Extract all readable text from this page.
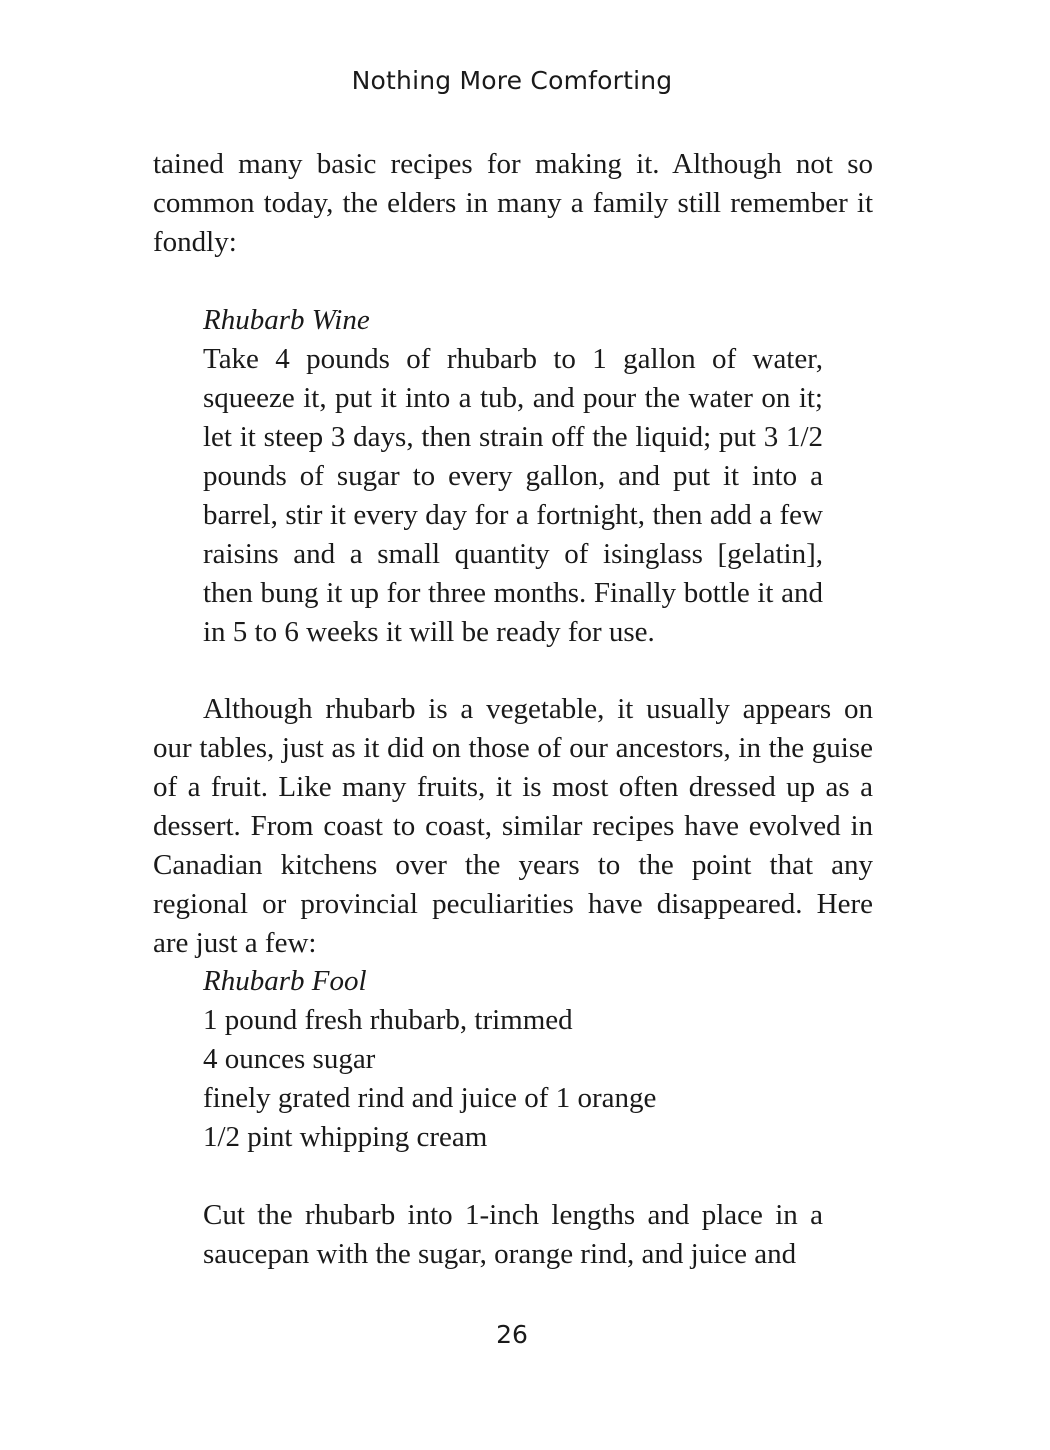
Nothing More Comforting

tained many basic recipes for making it. Although not so common today, the elders in many a family still remember it fondly:

Rhubarb Wine

Take 4 pounds of rhubarb to 1 gallon of water, squeeze it, put it into a tub, and pour the water on it; let it steep 3 days, then strain off the liquid; put 3 1/2 pounds of sugar to every gallon, and put it into a barrel, stir it every day for a fortnight, then add a few raisins and a small quantity of isinglass [gelatin], then bung it up for three months. Finally bottle it and in 5 to 6 weeks it will be ready for use.

Although rhubarb is a vegetable, it usually appears on our tables, just as it did on those of our ancestors, in the guise of a fruit. Like many fruits, it is most often dressed up as a dessert. From coast to coast, similar recipes have evolved in Canadian kitchens over the years to the point that any regional or provincial peculiarities have disappeared. Here are just a few:

Rhubarb Fool

1 pound fresh rhubarb, trimmed
4 ounces sugar
finely grated rind and juice of 1 orange
1/2 pint whipping cream

Cut the rhubarb into 1-inch lengths and place in a saucepan with the sugar, orange rind, and juice and

26
